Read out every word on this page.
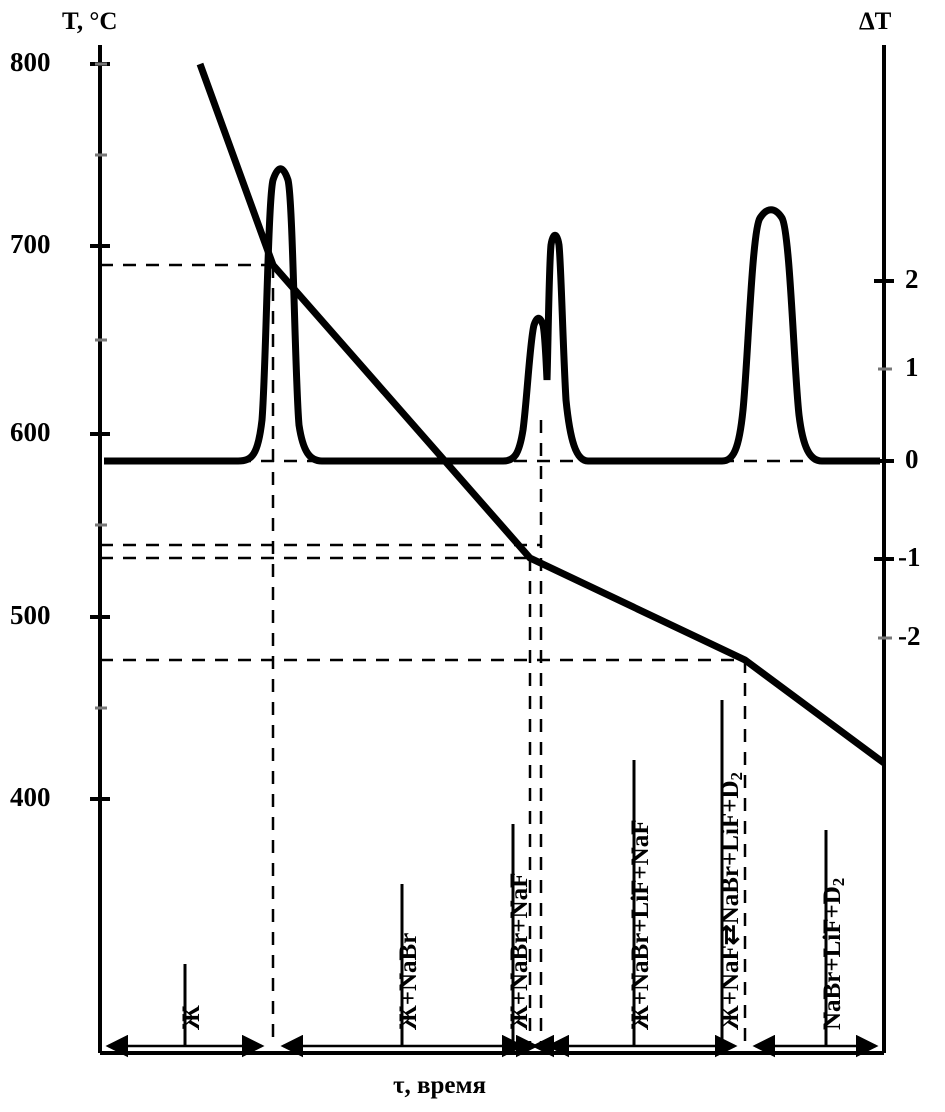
T, °C	ΔT
τ, время
800
700
600
500
400
2
1
0
-1
-2
Ж	Ж+NaBr	Ж+NaBr+NaF	Ж+NaBr+LiF+NaF	$Ж+NaF⇄NaBr+LiF+D_2$
$NaBr+LiF+D_2$
